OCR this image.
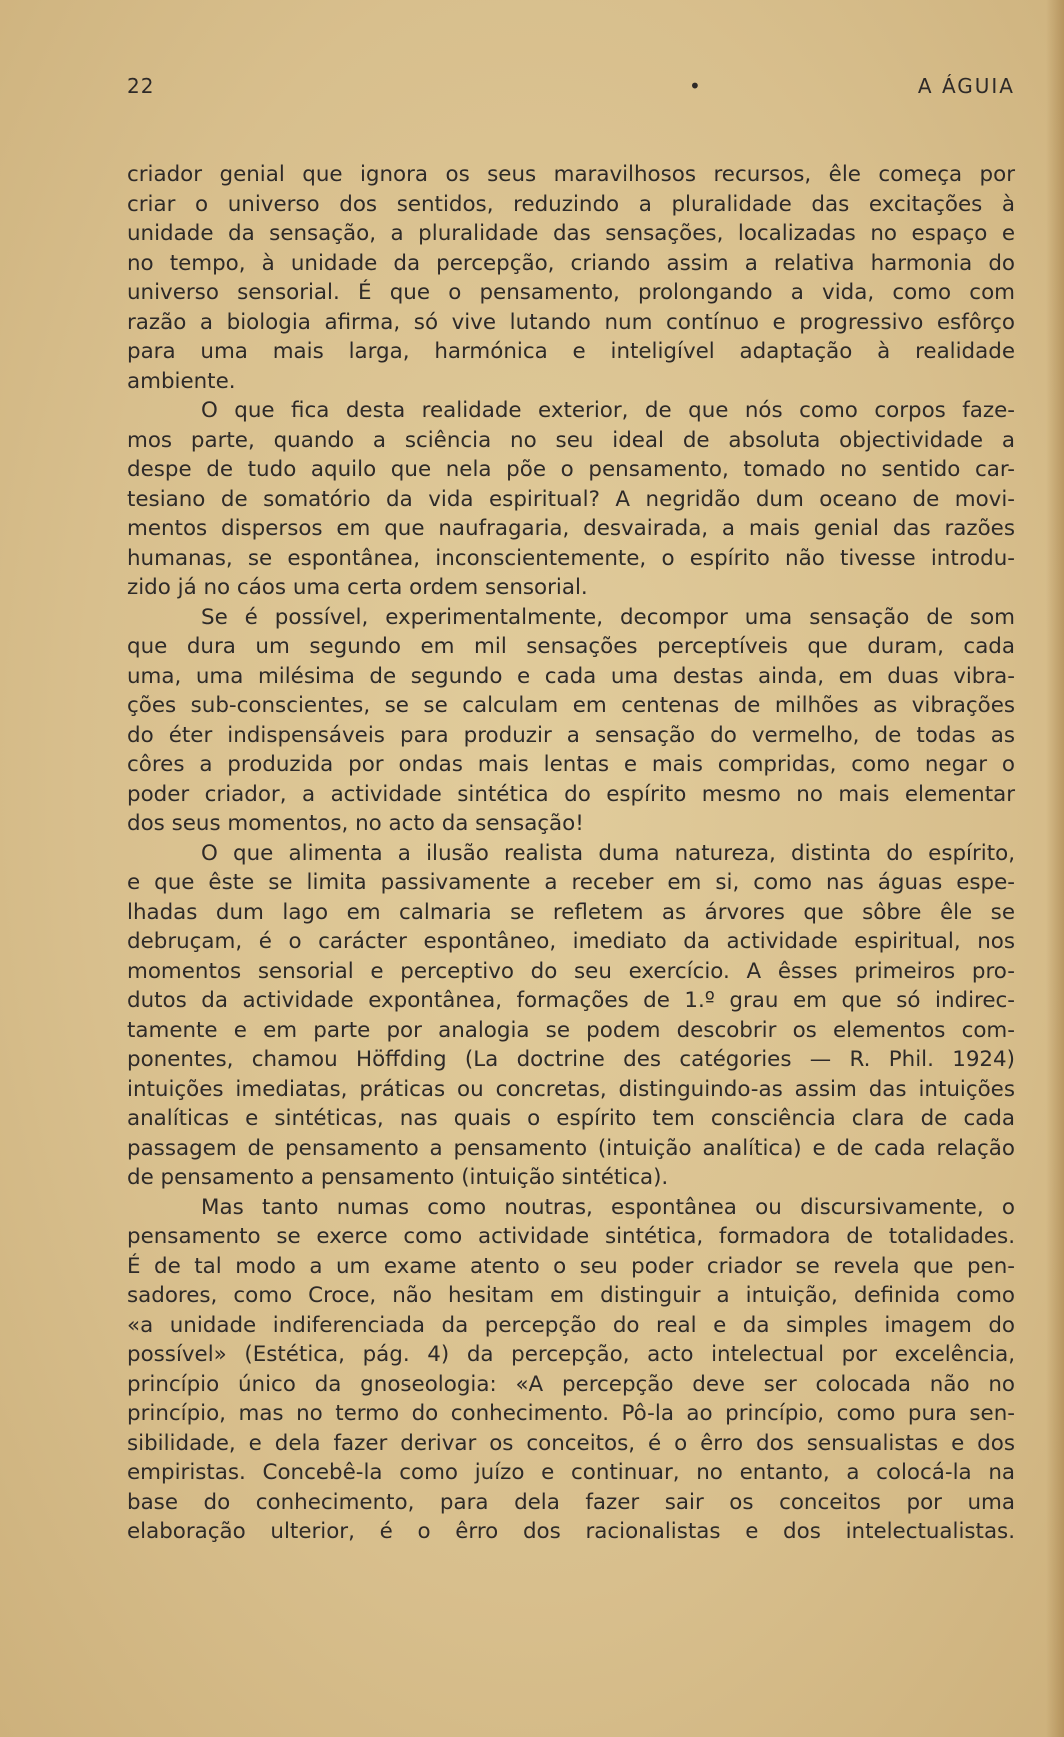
22	•	A ÁGUIA
criador genial que ignora os seus maravilhosos recursos, êle começa por
criar o universo dos sentidos, reduzindo a pluralidade das excitações à
unidade da sensação, a pluralidade das sensações, localizadas no espaço e
no tempo, à unidade da percepção, criando assim a relativa harmonia do
universo sensorial. É que o pensamento, prolongando a vida, como com
razão a biologia afirma, só vive lutando num contínuo e progressivo esfôrço
para uma mais larga, harmónica e inteligível adaptação à realidade
ambiente.
O que fica desta realidade exterior, de que nós como corpos faze-
mos parte, quando a sciência no seu ideal de absoluta objectividade a
despe de tudo aquilo que nela põe o pensamento, tomado no sentido car-
tesiano de somatório da vida espiritual? A negridão dum oceano de movi-
mentos dispersos em que naufragaria, desvairada, a mais genial das razões
humanas, se espontânea, inconscientemente, o espírito não tivesse introdu-
zido já no cáos uma certa ordem sensorial.
Se é possível, experimentalmente, decompor uma sensação de som
que dura um segundo em mil sensações perceptíveis que duram, cada
uma, uma milésima de segundo e cada uma destas ainda, em duas vibra-
ções sub-conscientes, se se calculam em centenas de milhões as vibrações
do éter indispensáveis para produzir a sensação do vermelho, de todas as
côres a produzida por ondas mais lentas e mais compridas, como negar o
poder criador, a actividade sintética do espírito mesmo no mais elementar
dos seus momentos, no acto da sensação!
O que alimenta a ilusão realista duma natureza, distinta do espírito,
e que êste se limita passivamente a receber em si, como nas águas espe-
lhadas dum lago em calmaria se refletem as árvores que sôbre êle se
debruçam, é o carácter espontâneo, imediato da actividade espiritual, nos
momentos sensorial e perceptivo do seu exercício. A êsses primeiros pro-
dutos da actividade expontânea, formações de 1.º grau em que só indirec-
tamente e em parte por analogia se podem descobrir os elementos com-
ponentes, chamou Höffding (La doctrine des catégories — R. Phil. 1924)
intuições imediatas, práticas ou concretas, distinguindo-as assim das intuições
analíticas e sintéticas, nas quais o espírito tem consciência clara de cada
passagem de pensamento a pensamento (intuição analítica) e de cada relação
de pensamento a pensamento (intuição sintética).
Mas tanto numas como noutras, espontânea ou discursivamente, o
pensamento se exerce como actividade sintética, formadora de totalidades.
É de tal modo a um exame atento o seu poder criador se revela que pen-
sadores, como Croce, não hesitam em distinguir a intuição, definida como
«a unidade indiferenciada da percepção do real e da simples imagem do
possível» (Estética, pág. 4) da percepção, acto intelectual por excelência,
princípio único da gnoseologia: «A percepção deve ser colocada não no
princípio, mas no termo do conhecimento. Pô-la ao princípio, como pura sen-
sibilidade, e dela fazer derivar os conceitos, é o êrro dos sensualistas e dos
empiristas. Concebê-la como juízo e continuar, no entanto, a colocá-la na
base do conhecimento, para dela fazer sair os conceitos por uma
elaboração ulterior, é o êrro dos racionalistas e dos intelectualistas.
